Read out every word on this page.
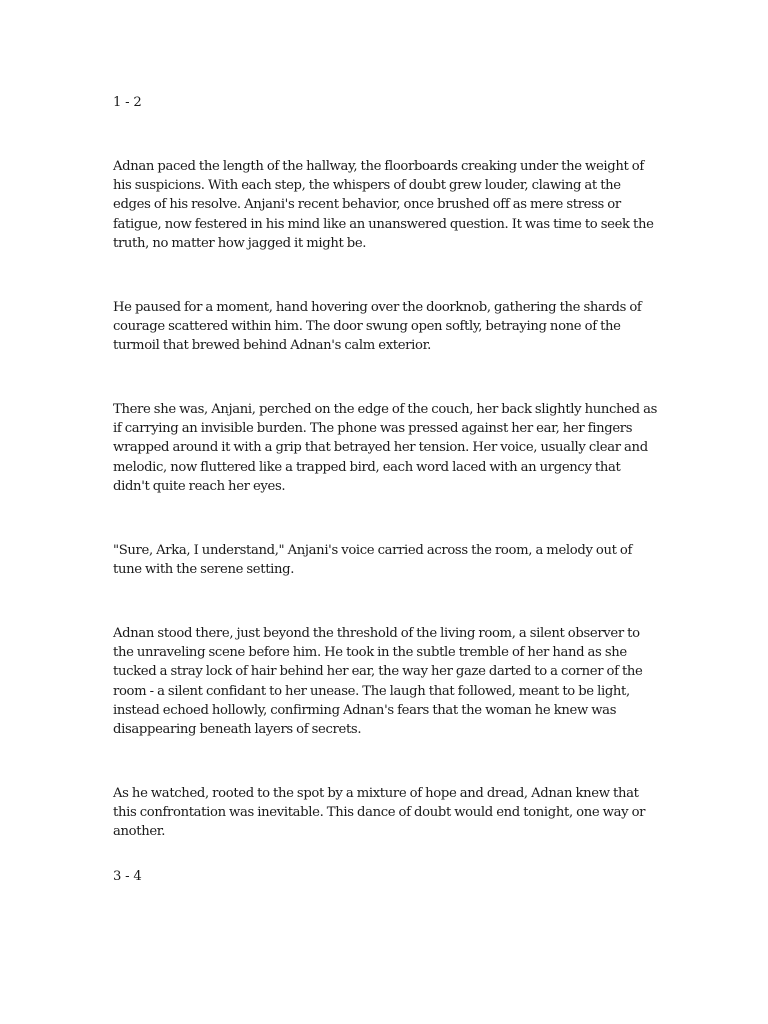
1 - 2

Adnan paced the length of the hallway, the floorboards creaking under the weight of his suspicions. With each step, the whispers of doubt grew louder, clawing at the edges of his resolve. Anjani's recent behavior, once brushed off as mere stress or fatigue, now festered in his mind like an unanswered question. It was time to seek the truth, no matter how jagged it might be.

He paused for a moment, hand hovering over the doorknob, gathering the shards of courage scattered within him. The door swung open softly, betraying none of the turmoil that brewed behind Adnan's calm exterior.

There she was, Anjani, perched on the edge of the couch, her back slightly hunched as if carrying an invisible burden. The phone was pressed against her ear, her fingers wrapped around it with a grip that betrayed her tension. Her voice, usually clear and melodic, now fluttered like a trapped bird, each word laced with an urgency that didn't quite reach her eyes.

"Sure, Arka, I understand," Anjani's voice carried across the room, a melody out of tune with the serene setting.

Adnan stood there, just beyond the threshold of the living room, a silent observer to the unraveling scene before him. He took in the subtle tremble of her hand as she tucked a stray lock of hair behind her ear, the way her gaze darted to a corner of the room - a silent confidant to her unease. The laugh that followed, meant to be light, instead echoed hollowly, confirming Adnan's fears that the woman he knew was disappearing beneath layers of secrets.

As he watched, rooted to the spot by a mixture of hope and dread, Adnan knew that this confrontation was inevitable. This dance of doubt would end tonight, one way or another.

3 - 4
